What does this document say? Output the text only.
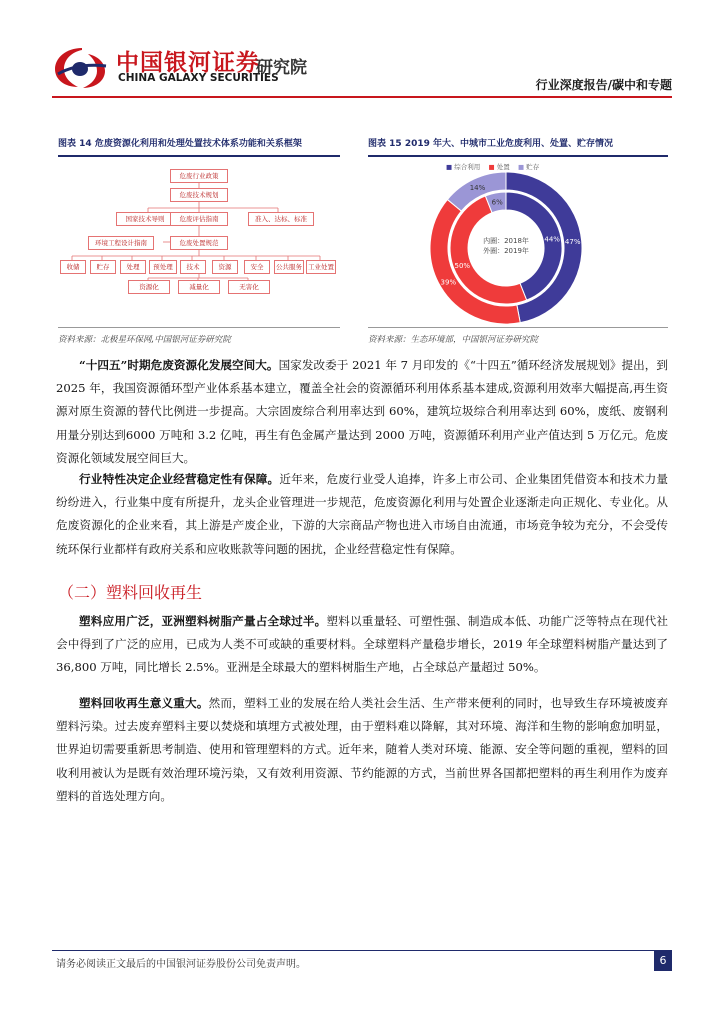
中国银河证券
CHINA GALAXY SECURITIES
研究院
行业深度报告/碳中和专题
图表 14 危废资源化利用和处理处置技术体系功能和关系框架
危废行业政策
危废技术规划
国家技术导则	危废评估指南	准入、达标、标准
环境工程设计指南	危废处置规范
收储	贮存	处理	预处理	技术	资源	安全	公共服务 工业处置
资源化	减量化	无害化
资料来源：北极星环保网,中国银河证券研究院
图表 15 2019 年大、中城市工业危废利用、处置、贮存情况
■ 综合利用 ■ 处置 ■ 贮存
47%
39%
14%
44%
50%
6%
内圈：2018年
外圈：2019年
资料来源：生态环境部，中国银河证券研究院
“十四五”时期危废资源化发展空间大。国家发改委于 2021 年 7 月印发的《“十四五”循环经济发展规划》提出，到 2025 年，我国资源循环型产业体系基本建立，覆盖全社会的资源循环利用体系基本建成,资源利用效率大幅提高,再生资源对原生资源的替代比例进一步提高。大宗固废综合利用率达到 60%，建筑垃圾综合利用率达到 60%，废纸、废钢利用量分别达到6000 万吨和 3.2 亿吨，再生有色金属产量达到 2000 万吨，资源循环利用产业产值达到 5 万亿元。危废资源化领域发展空间巨大。
行业特性决定企业经营稳定性有保障。近年来，危废行业受人追捧，许多上市公司、企业集团凭借资本和技术力量纷纷进入，行业集中度有所提升，龙头企业管理进一步规范，危废资源化利用与处置企业逐渐走向正规化、专业化。从危废资源化的企业来看，其上游是产废企业，下游的大宗商品产物也进入市场自由流通，市场竞争较为充分，不会受传统环保行业都样有政府关系和应收账款等问题的困扰，企业经营稳定性有保障。
（二）塑料回收再生
塑料应用广泛，亚洲塑料树脂产量占全球过半。塑料以重量轻、可塑性强、制造成本低、功能广泛等特点在现代社会中得到了广泛的应用，已成为人类不可或缺的重要材料。全球塑料产量稳步增长，2019 年全球塑料树脂产量达到了 36,800 万吨，同比增长 2.5%。亚洲是全球最大的塑料树脂生产地，占全球总产量超过 50%。
塑料回收再生意义重大。然而，塑料工业的发展在给人类社会生活、生产带来便利的同时，也导致生存环境被废弃塑料污染。过去废弃塑料主要以焚烧和填埋方式被处理，由于塑料难以降解，其对环境、海洋和生物的影响愈加明显，世界迫切需要重新思考制造、使用和管理塑料的方式。近年来，随着人类对环境、能源、安全等问题的重视，塑料的回收利用被认为是既有效治理环境污染，又有效利用资源、节约能源的方式，当前世界各国都把塑料的再生利用作为废弃塑料的首选处理方向。
请务必阅读正文最后的中国银河证券股份公司免责声明。	6
